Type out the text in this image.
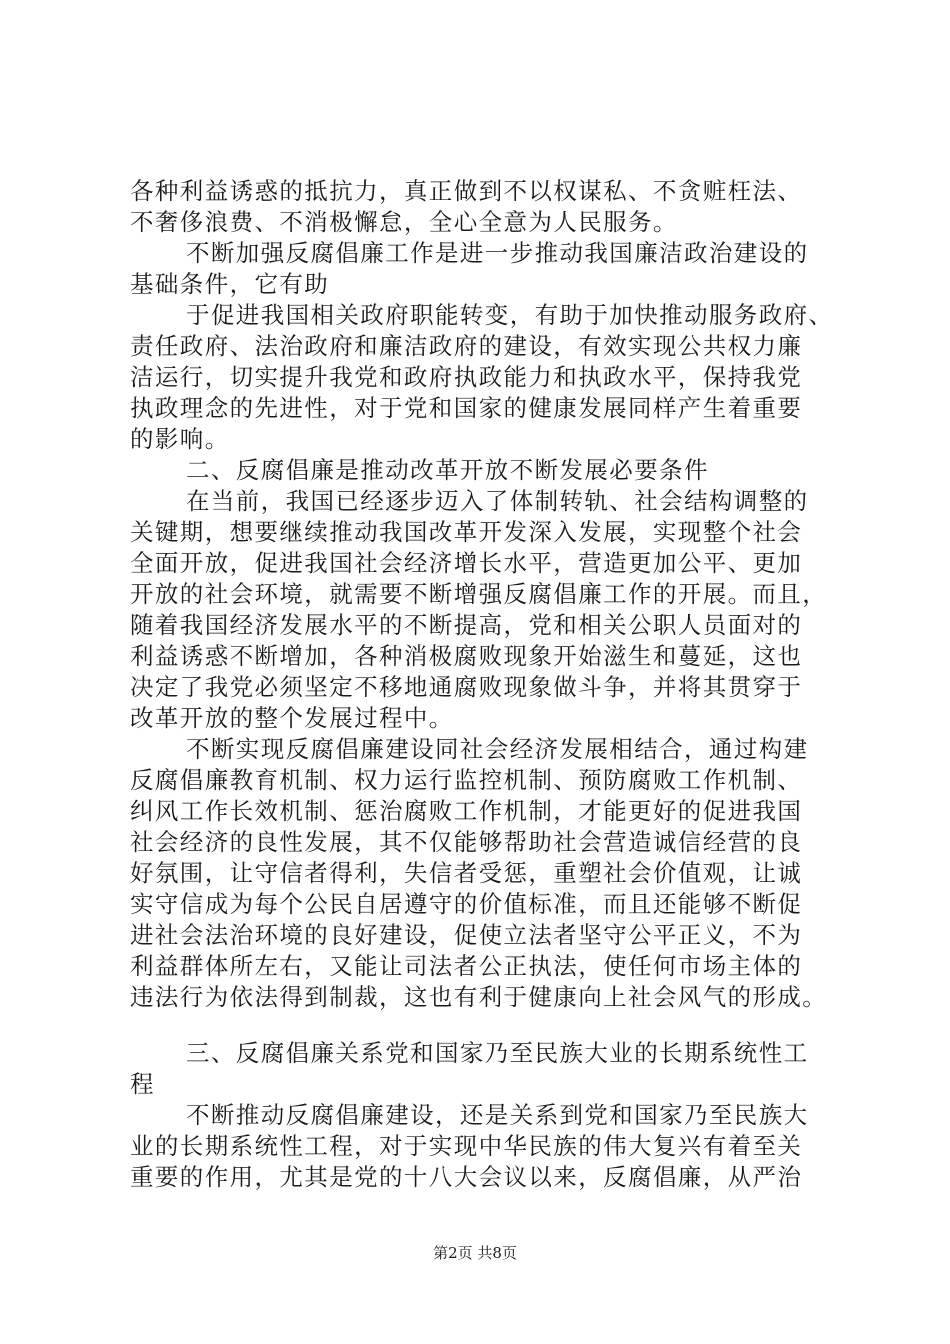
各种利益诱惑的抵抗力，真正做到不以权谋私、不贪赃枉法、
不奢侈浪费、不消极懈怠，全心全意为人民服务。
不断加强反腐倡廉工作是进一步推动我国廉洁政治建设的
基础条件，它有助
于促进我国相关政府职能转变，有助于加快推动服务政府、
责任政府、法治政府和廉洁政府的建设，有效实现公共权力廉
洁运行，切实提升我党和政府执政能力和执政水平，保持我党
执政理念的先进性，对于党和国家的健康发展同样产生着重要
的影响。
二、反腐倡廉是推动改革开放不断发展必要条件
在当前，我国已经逐步迈入了体制转轨、社会结构调整的
关键期，想要继续推动我国改革开发深入发展，实现整个社会
全面开放，促进我国社会经济增长水平，营造更加公平、更加
开放的社会环境，就需要不断增强反腐倡廉工作的开展。而且，
随着我国经济发展水平的不断提高，党和相关公职人员面对的
利益诱惑不断增加，各种消极腐败现象开始滋生和蔓延，这也
决定了我党必须坚定不移地通腐败现象做斗争，并将其贯穿于
改革开放的整个发展过程中。
不断实现反腐倡廉建设同社会经济发展相结合，通过构建
反腐倡廉教育机制、权力运行监控机制、预防腐败工作机制、
纠风工作长效机制、惩治腐败工作机制，才能更好的促进我国
社会经济的良性发展，其不仅能够帮助社会营造诚信经营的良
好氛围，让守信者得利，失信者受惩，重塑社会价值观，让诚
实守信成为每个公民自居遵守的价值标准，而且还能够不断促
进社会法治环境的良好建设，促使立法者坚守公平正义，不为
利益群体所左右，又能让司法者公正执法，使任何市场主体的
违法行为依法得到制裁，这也有利于健康向上社会风气的形成。
三、反腐倡廉关系党和国家乃至民族大业的长期系统性工
程
不断推动反腐倡廉建设，还是关系到党和国家乃至民族大
业的长期系统性工程，对于实现中华民族的伟大复兴有着至关
重要的作用，尤其是党的十八大会议以来，反腐倡廉，从严治
第2页 共8页
